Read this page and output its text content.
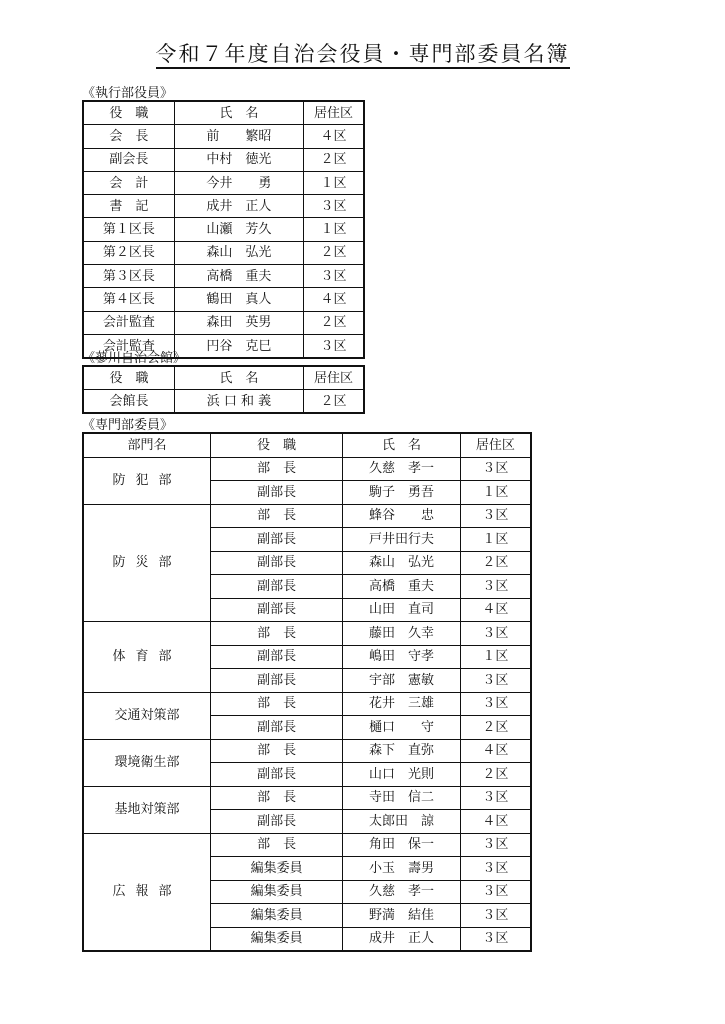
令和７年度自治会役員・専門部委員名簿
《執行部役員》
役　職	氏　名	居住区
会　長	前　　繁昭	４区
副会長	中村　徳光	２区
会　計	今井　　勇	１区
書　記	成井　正人	３区
第１区長	山瀬　芳久	１区
第２区長	森山　弘光	２区
第３区長	高橋　重夫	３区
第４区長	鶴田　真人	４区
会計監査	森田　英男	２区
会計監査	円谷　克巳	３区
《蓼川自治会館》
役　職	氏　名	居住区
会館長	浜 口 和 義	２区
《専門部委員》
部門名	役　職	氏　名	居住区
防犯部	部　長	久慈　孝一	３区
	副部長	駒子　勇吾	１区
防災部	部　長	蜂谷　　忠	３区
	副部長	戸井田行夫	１区
	副部長	森山　弘光	２区
	副部長	高橋　重夫	３区
	副部長	山田　直司	４区
体育部	部　長	藤田　久幸	３区
	副部長	嶋田　守孝	１区
	副部長	宇部　憲敏	３区
交通対策部	部　長	花井　三雄	３区
	副部長	樋口　　守	２区
環境衛生部	部　長	森下　直弥	４区
	副部長	山口　光則	２区
基地対策部	部　長	寺田　信二	３区
	副部長	太郎田　諒	４区
広報部	部　長	角田　保一	３区
	編集委員	小玉　壽男	３区
	編集委員	久慈　孝一	３区
	編集委員	野満　結佳	３区
	編集委員	成井　正人	３区
